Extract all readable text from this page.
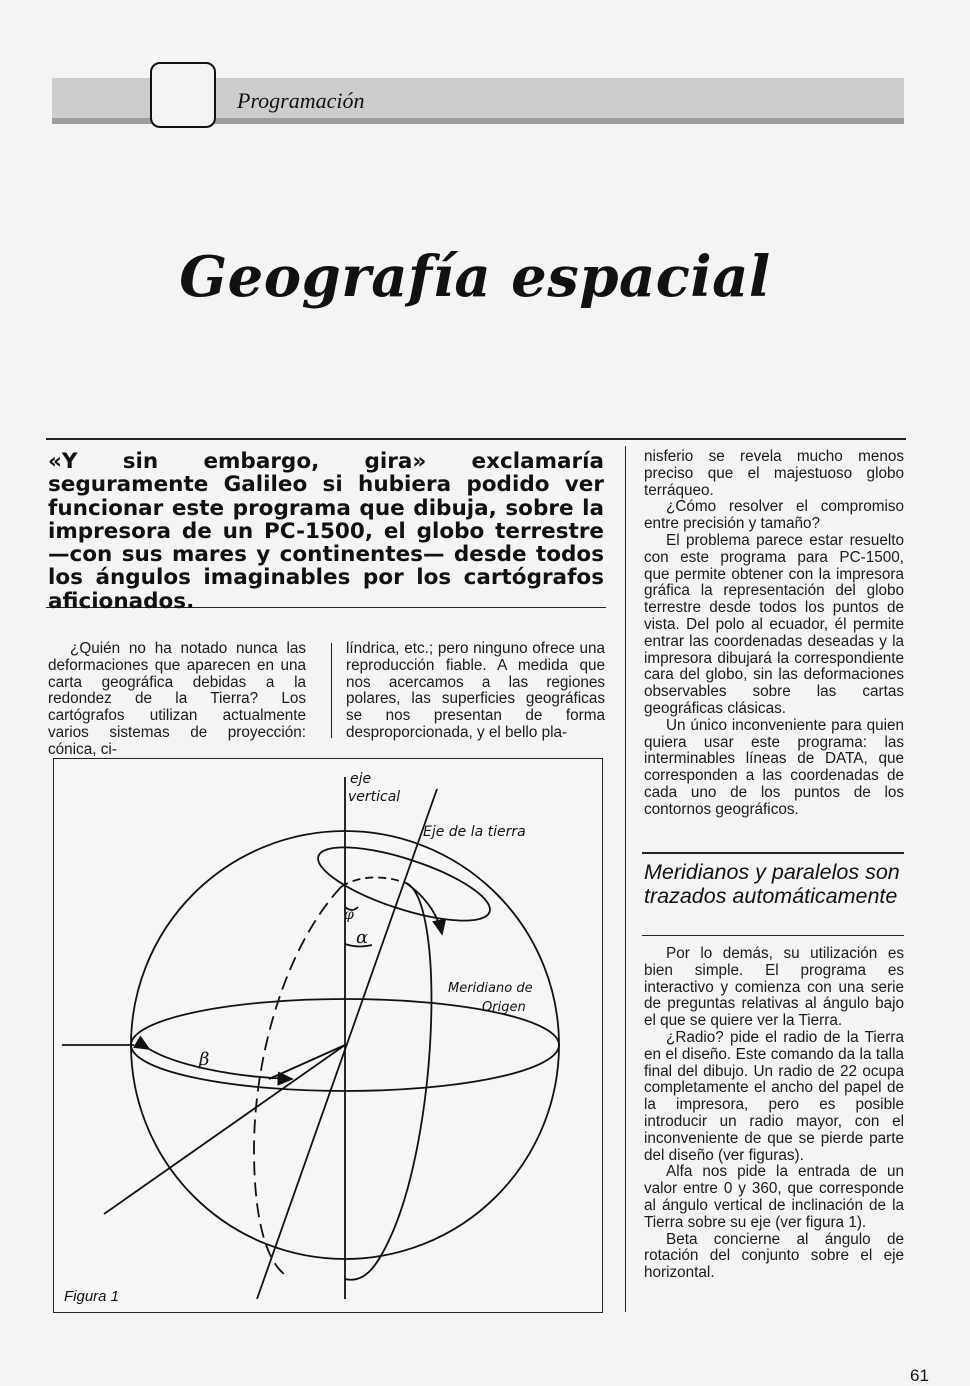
Programación
Geografía espacial
«Y sin embargo, gira» exclamaría seguramente Galileo si hubiera podido ver funcionar este programa que dibuja, sobre la impresora de un PC-1500, el globo terrestre —con sus mares y continentes— desde todos los ángulos imaginables por los cartógrafos aficionados.

¿Quién no ha notado nunca las deformaciones que aparecen en una carta geográfica debidas a la redondez de la Tierra? Los cartógrafos utilizan actualmente varios sistemas de proyección: cónica, ci-

líndrica, etc.; pero ninguno ofrece una reproducción fiable. A medida que nos acercamos a las regiones polares, las superficies geográficas se nos presentan de forma desproporcionada, y el bello pla-

nisferio se revela mucho menos preciso que el majestuoso globo terráqueo.

¿Cómo resolver el compromiso entre precisión y tamaño?

El problema parece estar resuelto con este programa para PC-1500, que permite obtener con la impresora gráfica la representación del globo terrestre desde todos los puntos de vista. Del polo al ecuador, él permite entrar las coordenadas deseadas y la impresora dibujará la correspondiente cara del globo, sin las deformaciones observables sobre las cartas geográficas clásicas.

Un único inconveniente para quien quiera usar este programa: las interminables líneas de DATA, que corresponden a las coordenadas de cada uno de los puntos de los contornos geográficos.

Meridianos y paralelos son trazados automáticamente

Por lo demás, su utilización es bien simple. El programa es interactivo y comienza con una serie de preguntas relativas al ángulo bajo el que se quiere ver la Tierra.

¿Radio? pide el radio de la Tierra en el diseño. Este comando da la talla final del dibujo. Un radio de 22 ocupa completamente el ancho del papel de la impresora, pero es posible introducir un radio mayor, con el inconveniente de que se pierde parte del diseño (ver figuras).

Alfa nos pide la entrada de un valor entre 0 y 360, que corresponde al ángulo vertical de inclinación de la Tierra sobre su eje (ver figura 1).

Beta concierne al ángulo de rotación del conjunto sobre el eje horizontal.

eje
vertical
Eje de la tierra
Meridiano de
Origen
α
β
φ
Figura 1
61
